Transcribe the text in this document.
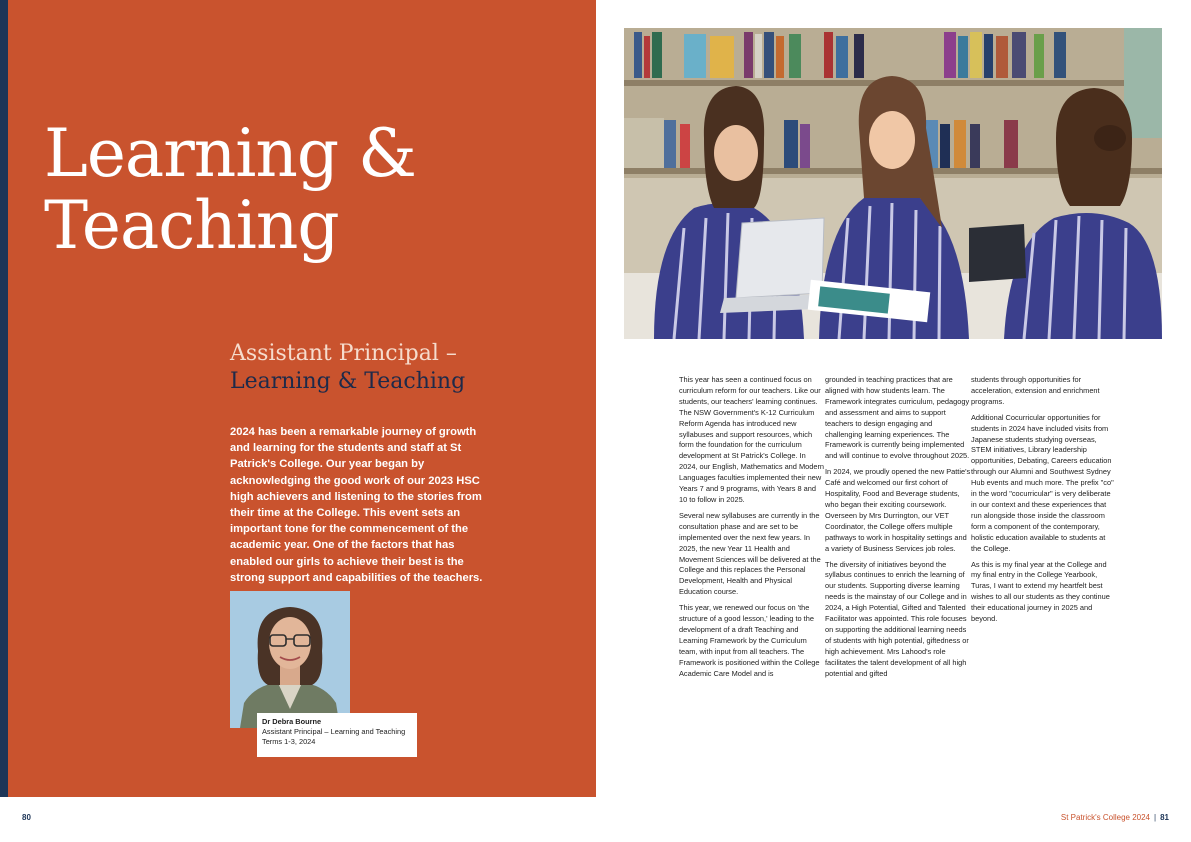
Learning &
Teaching
Assistant Principal –
Learning & Teaching

2024 has been a remarkable journey of growth and learning for the students and staff at St Patrick's College. Our year began by acknowledging the good work of our 2023 HSC high achievers and listening to the stories from their time at the College. This event sets an important tone for the commencement of the academic year. One of the factors that has enabled our girls to achieve their best is the strong support and capabilities of the teachers.

Dr Debra Bourne
Assistant Principal – Learning and Teaching
Terms 1-3, 2024

This year has seen a continued focus on curriculum reform for our teachers. Like our students, our teachers' learning continues. The NSW Government's K-12 Curriculum Reform Agenda has introduced new syllabuses and support resources, which form the foundation for the curriculum development at St Patrick's College. In 2024, our English, Mathematics and Modern Languages faculties implemented their new Years 7 and 9 programs, with Years 8 and 10 to follow in 2025.

Several new syllabuses are currently in the consultation phase and are set to be implemented over the next few years. In 2025, the new Year 11 Health and Movement Sciences will be delivered at the College and this replaces the Personal Development, Health and Physical Education course.

This year, we renewed our focus on 'the structure of a good lesson,' leading to the development of a draft Teaching and Learning Framework by the Curriculum team, with input from all teachers. The Framework is positioned within the College Academic Care Model and is

grounded in teaching practices that are aligned with how students learn. The Framework integrates curriculum, pedagogy and assessment and aims to support teachers to design engaging and challenging learning experiences. The Framework is currently being implemented and will continue to evolve throughout 2025.

In 2024, we proudly opened the new Pattie's Café and welcomed our first cohort of Hospitality, Food and Beverage students, who began their exciting coursework. Overseen by Mrs Durrington, our VET Coordinator, the College offers multiple pathways to work in hospitality settings and a variety of Business Services job roles.

The diversity of initiatives beyond the syllabus continues to enrich the learning of our students. Supporting diverse learning needs is the mainstay of our College and in 2024, a High Potential, Gifted and Talented Facilitator was appointed. This role focuses on supporting the additional learning needs of students with high potential, giftedness or high achievement. Mrs Lahood's role facilitates the talent development of all high potential and gifted

students through opportunities for acceleration, extension and enrichment programs.

Additional Cocurricular opportunities for students in 2024 have included visits from Japanese students studying overseas, STEM initiatives, Library leadership opportunities, Debating, Careers education through our Alumni and Southwest Sydney Hub events and much more. The prefix "co" in the word "cocurricular" is very deliberate in our context and these experiences that run alongside those inside the classroom form a component of the contemporary, holistic education available to students at the College.

As this is my final year at the College and my final entry in the College Yearbook, Turas, I want to extend my heartfelt best wishes to all our students as they continue their educational journey in 2025 and beyond.

80	St Patrick's College 2024 | 81
